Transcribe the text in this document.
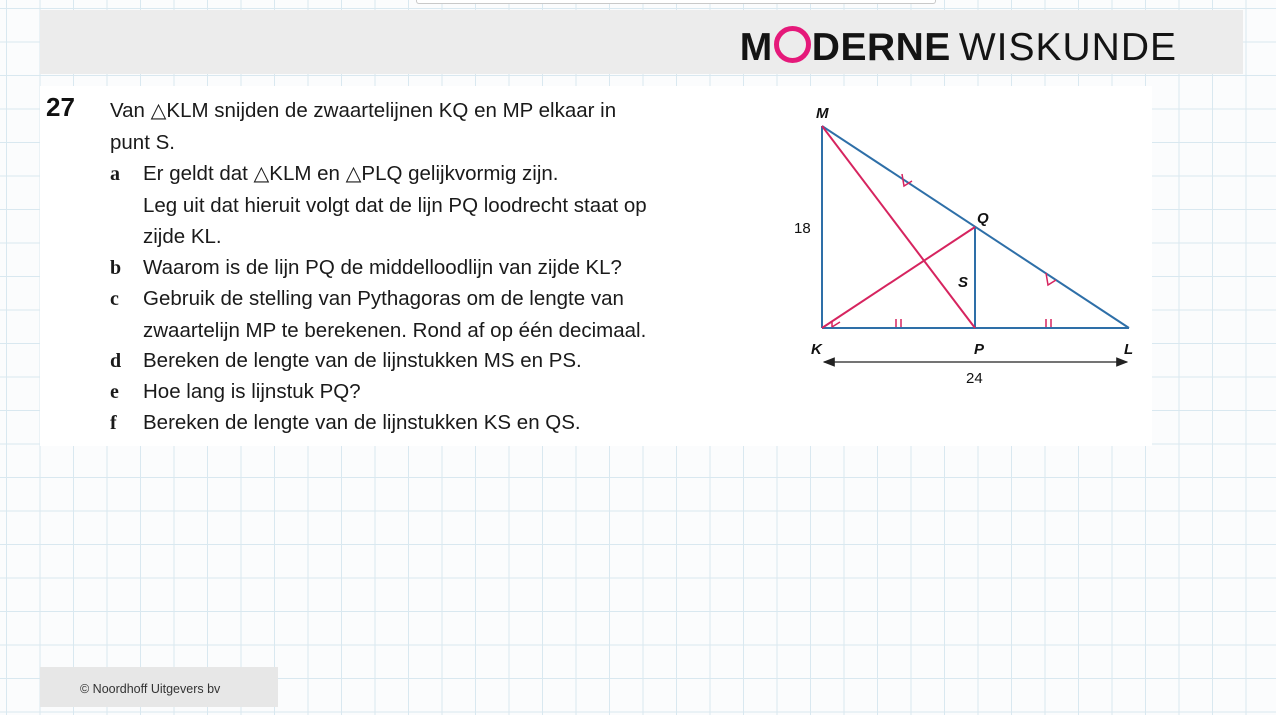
M DERNE WISKUNDE
27 Van △KLM snijden de zwaartelijnen KQ en MP elkaar in
punt S.
a Er geldt dat △KLM en △PLQ gelijkvormig zijn.
Leg uit dat hieruit volgt dat de lijn PQ loodrecht staat op
zijde KL.
b Waarom is de lijn PQ de middelloodlijn van zijde KL?
c Gebruik de stelling van Pythagoras om de lengte van
zwaartelijn MP te berekenen. Rond af op één decimaal.
d Bereken de lengte van de lijnstukken MS en PS.
e Hoe lang is lijnstuk PQ?
f Bereken de lengte van de lijnstukken KS en QS.
M
Q
S
K	P	L
18
24
© Noordhoff Uitgevers bv
